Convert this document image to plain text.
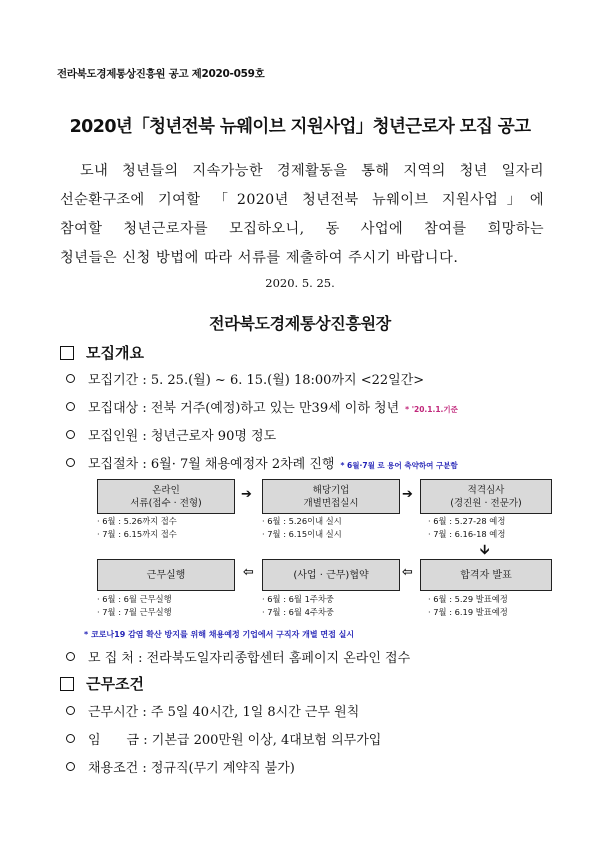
전라북도경제통상진흥원 공고 제2020-059호
2020년「청년전북 뉴웨이브 지원사업」청년근로자 모집 공고
도내 청년들의 지속가능한 경제활동을 통해 지역의 청년 일자리
선순환구조에 기여할 「2020년 청년전북 뉴웨이브 지원사업」에
참여할 청년근로자를 모집하오니, 동 사업에 참여를 희망하는
청년들은 신청 방법에 따라 서류를 제출하여 주시기 바랍니다.
2020. 5. 25.
전라북도경제통상진흥원장
모집개요
모집기간 : 5. 25.(월) ~ 6. 15.(월) 18:00까지 <22일간>
모집대상 : 전북 거주(예정)하고 있는 만39세 이하 청년 * '20.1.1.기준
모집인원 : 청년근로자 90명 정도
모집절차 : 6월· 7월 채용예정자 2차례 진행 * 6월·7월 로 용어 축약하여 구분함
온라인
서류(접수 · 전형)
해당기업
개별면접실시
적격심사
(경진원 · 전문가)
합격자 발표
(사업 · 근무)협약
근무실행
· 6월 : 5.26까지 접수
· 7월 : 6.15까지 접수
· 6월 : 5.26이내 실시
· 7월 : 6.15이내 실시
· 6월 : 5.27-28 예정
· 7월 : 6.16-18 예정
· 6월 : 5.29 발표예정
· 7월 : 6.19 발표예정
· 6월 : 6월 1주차중
· 7월 : 6월 4주차중
· 6월 : 6월 근무실행
· 7월 : 7월 근무실행
➔	➔
🡫
⇦
⇦
* 코로나19 감염 확산 방지를 위해 채용예정 기업에서 구직자 개별 면접 실시
모 집 처 : 전라북도일자리종합센터 홈페이지 온라인 접수
근무조건
근무시간 : 주 5일 40시간, 1일 8시간 근무 원칙
임　　금 : 기본급 200만원 이상, 4대보험 의무가입
채용조건 : 정규직(무기 계약직 불가)
